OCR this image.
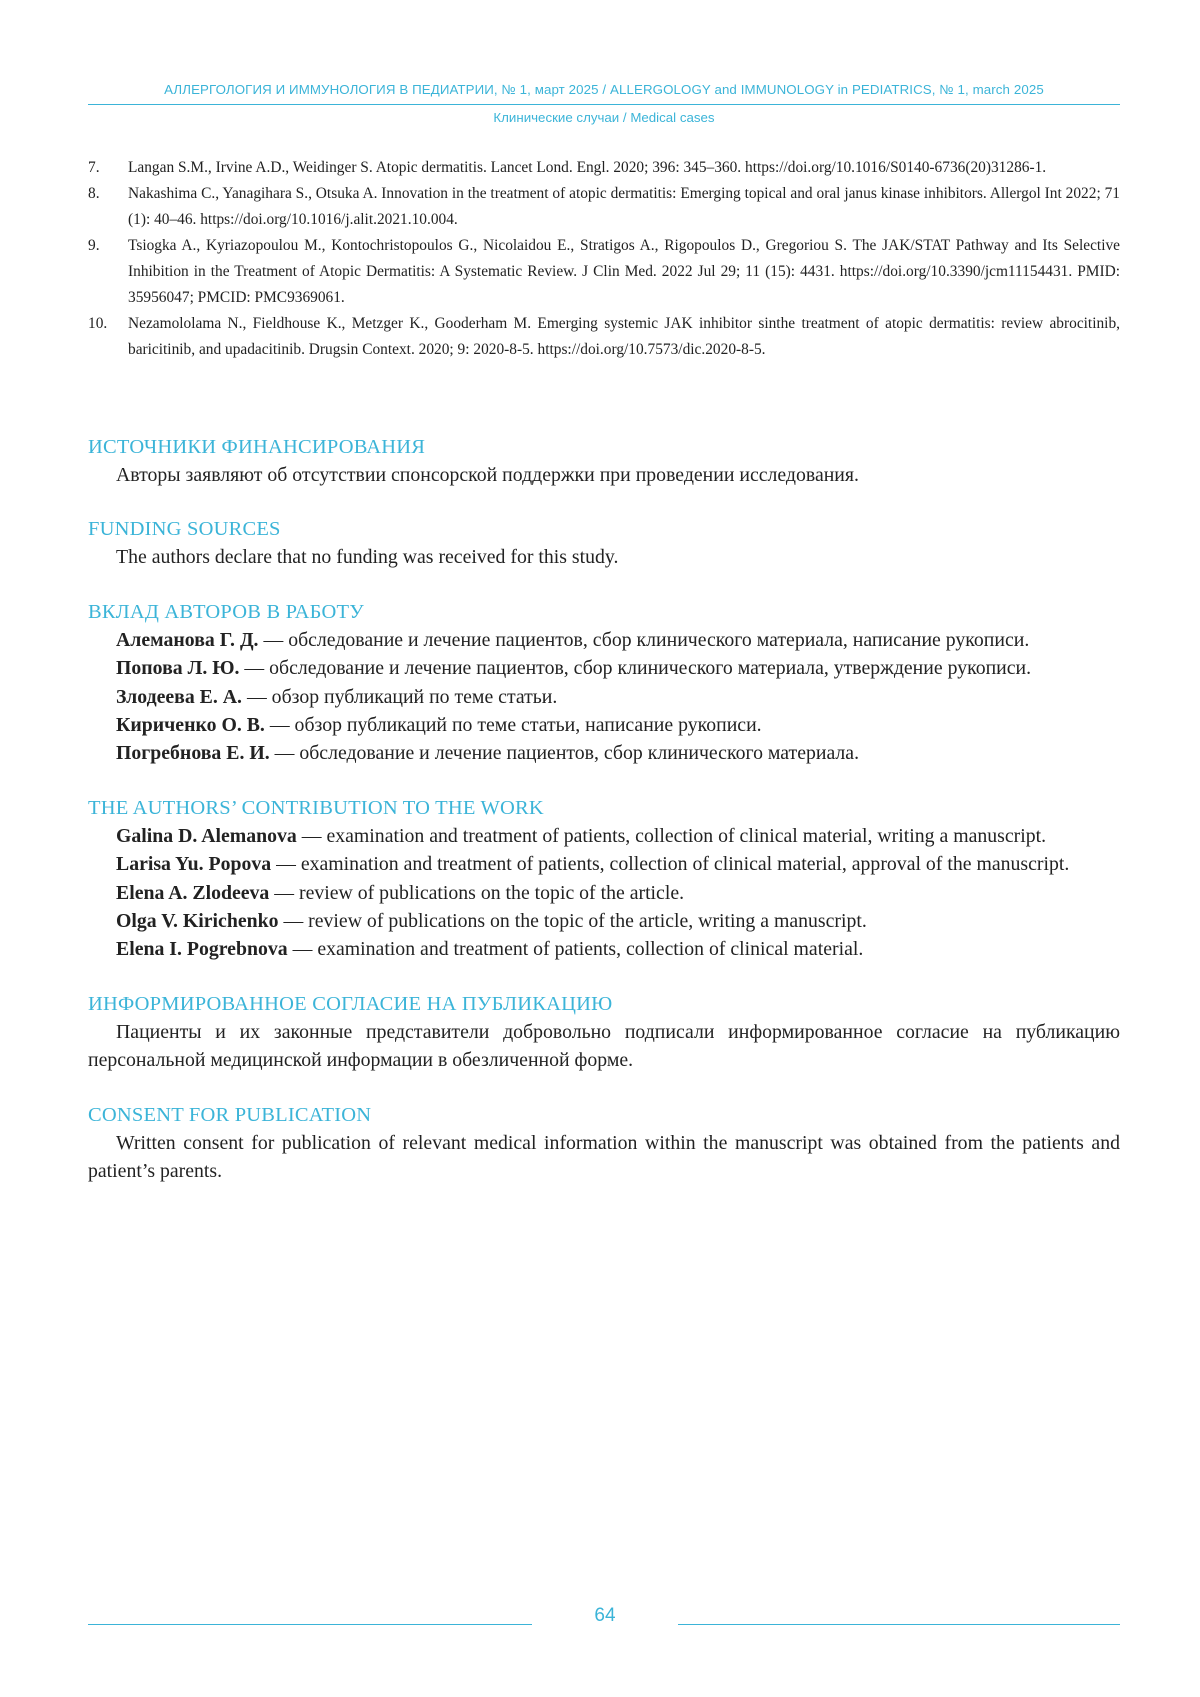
АЛЛЕРГОЛОГИЯ И ИММУНОЛОГИЯ В ПЕДИАТРИИ, № 1, март 2025 / ALLERGOLOGY and IMMUNOLOGY in PEDIATRICS, № 1, march 2025
Клинические случаи / Medical cases
7.	Langan S.M., Irvine A.D., Weidinger S. Atopic dermatitis. Lancet Lond. Engl. 2020; 396: 345–360. https://doi.org/10.1016/S0140-6736(20)31286-1.
8.	Nakashima C., Yanagihara S., Otsuka A. Innovation in the treatment of atopic dermatitis: Emerging topical and oral janus kinase inhibitors. Allergol Int 2022; 71 (1): 40–46. https://doi.org/10.1016/j.alit.2021.10.004.
9.	Tsiogka A., Kyriazopoulou M., Kontochristopoulos G., Nicolaidou E., Stratigos A., Rigopoulos D., Gregoriou S. The JAK/STAT Pathway and Its Selective Inhibition in the Treatment of Atopic Dermatitis: A Systematic Review. J Clin Med. 2022 Jul 29; 11 (15): 4431. https://doi.org/10.3390/jcm11154431. PMID: 35956047; PMCID: PMC9369061.
10.	Nezamololama N., Fieldhouse K., Metzger K., Gooderham M. Emerging systemic JAK inhibitor sinthe treatment of atopic dermatitis: review abrocitinib, baricitinib, and upadacitinib. Drugsin Context. 2020; 9: 2020-8-5. https://doi.org/10.7573/dic.2020-8-5.
ИСТОЧНИКИ ФИНАНСИРОВАНИЯ

Авторы заявляют об отсутствии спонсорской поддержки при проведении исследования.

FUNDING SOURCES

The authors declare that no funding was received for this study.

ВКЛАД АВТОРОВ В РАБОТУ

Алеманова Г. Д. — обследование и лечение пациентов, сбор клинического материала, написание рукописи.

Попова Л. Ю. — обследование и лечение пациентов, сбор клинического материала, утверждение рукописи.

Злодеева Е. А. — обзор публикаций по теме статьи.

Кириченко О. В. — обзор публикаций по теме статьи, написание рукописи.

Погребнова Е. И. — обследование и лечение пациентов, сбор клинического материала.

THE AUTHORS’ CONTRIBUTION TO THE WORK

Galina D. Alemanova — examination and treatment of patients, collection of clinical material, writing a manuscript.

Larisa Yu. Popova — examination and treatment of patients, collection of clinical material, approval of the manuscript.

Elena A. Zlodeeva — review of publications on the topic of the article.

Olga V. Kirichenko — review of publications on the topic of the article, writing a manuscript.

Elena I. Pogrebnova — examination and treatment of patients, collection of clinical material.

ИНФОРМИРОВАННОЕ СОГЛАСИЕ НА ПУБЛИКАЦИЮ

Пациенты и их законные представители добровольно подписали информированное согласие на публикацию персональной медицинской информации в обезличенной форме.

CONSENT FOR PUBLICATION

Written consent for publication of relevant medical information within the manuscript was obtained from the patients and patient’s parents.

64
